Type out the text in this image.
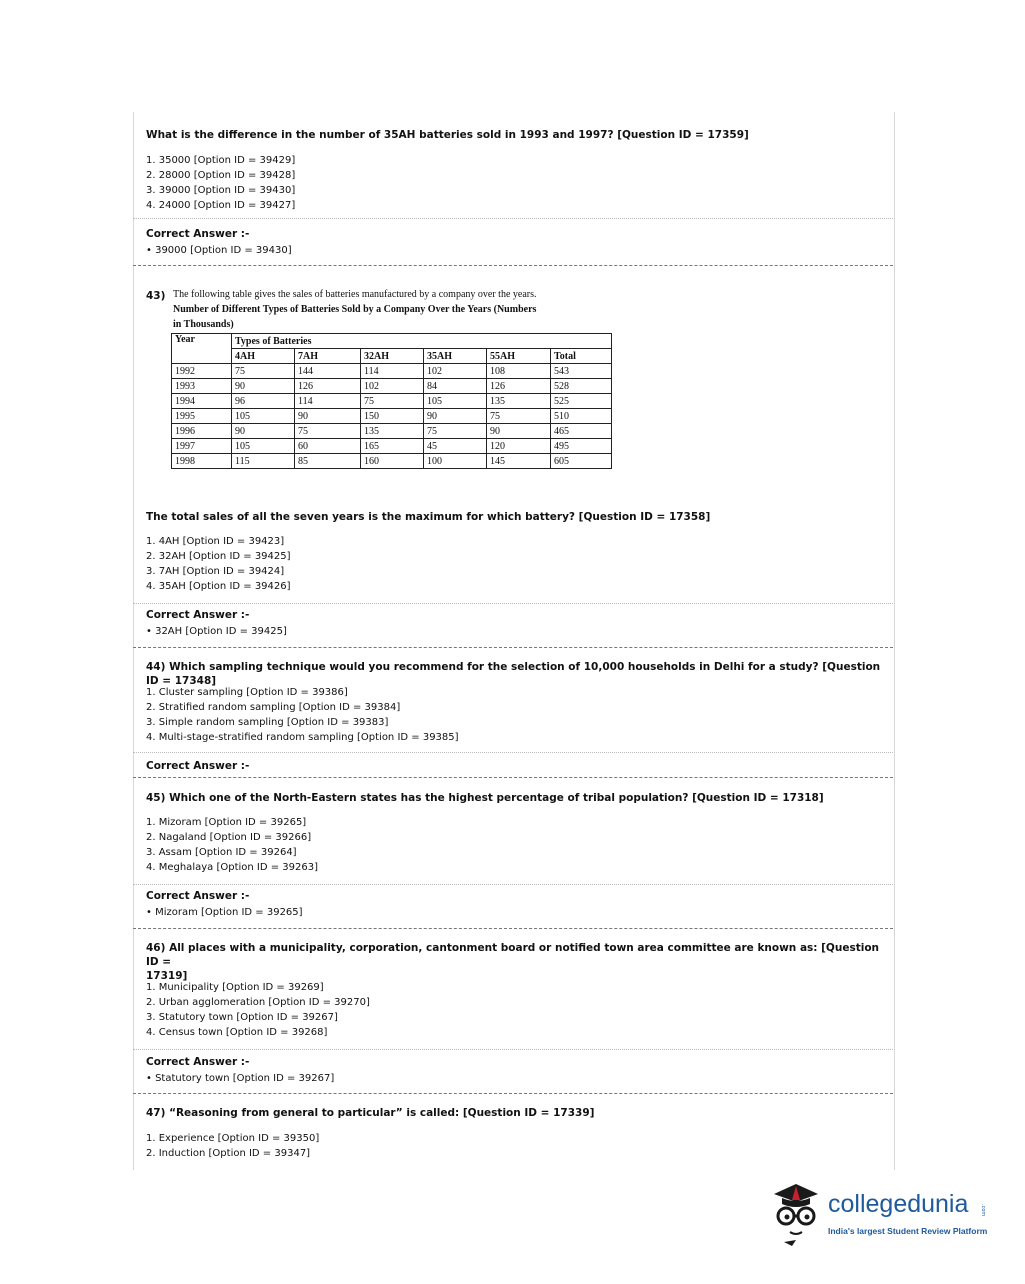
What is the difference in the number of 35AH batteries sold in 1993 and 1997? [Question ID = 17359]
1. 35000 [Option ID = 39429]
2. 28000 [Option ID = 39428]
3. 39000 [Option ID = 39430]
4. 24000 [Option ID = 39427]
Correct Answer :-
• 39000 [Option ID = 39430]
43) The following table gives the sales of batteries manufactured by a company over the years.
Number of Different Types of Batteries Sold by a Company Over the Years (Numbers
in Thousands)
Year	Types of Batteries					
	4AH	7AH	32AH	35AH	55AH	Total
1992	75	144	114	102	108	543
1993	90	126	102	84	126	528
1994	96	114	75	105	135	525
1995	105	90	150	90	75	510
1996	90	75	135	75	90	465
1997	105	60	165	45	120	495
1998	115	85	160	100	145	605
The total sales of all the seven years is the maximum for which battery? [Question ID = 17358]
1. 4AH [Option ID = 39423]
2. 32AH [Option ID = 39425]
3. 7AH [Option ID = 39424]
4. 35AH [Option ID = 39426]
Correct Answer :-
• 32AH [Option ID = 39425]
44) Which sampling technique would you recommend for the selection of 10,000 households in Delhi for a study? [Question ID = 17348]
1. Cluster sampling [Option ID = 39386]
2. Stratified random sampling [Option ID = 39384]
3. Simple random sampling [Option ID = 39383]
4. Multi-stage-stratified random sampling [Option ID = 39385]
Correct Answer :-
45) Which one of the North-Eastern states has the highest percentage of tribal population? [Question ID = 17318]
1. Mizoram [Option ID = 39265]
2. Nagaland [Option ID = 39266]
3. Assam [Option ID = 39264]
4. Meghalaya [Option ID = 39263]
Correct Answer :-
• Mizoram [Option ID = 39265]
46) All places with a municipality, corporation, cantonment board or notified town area committee are known as: [Question ID =
17319]
1. Municipality [Option ID = 39269]
2. Urban agglomeration [Option ID = 39270]
3. Statutory town [Option ID = 39267]
4. Census town [Option ID = 39268]
Correct Answer :-
• Statutory town [Option ID = 39267]
47) “Reasoning from general to particular” is called: [Question ID = 17339]
1. Experience [Option ID = 39350]
2. Induction [Option ID = 39347]
collegedunia .com
India's largest Student Review Platform
